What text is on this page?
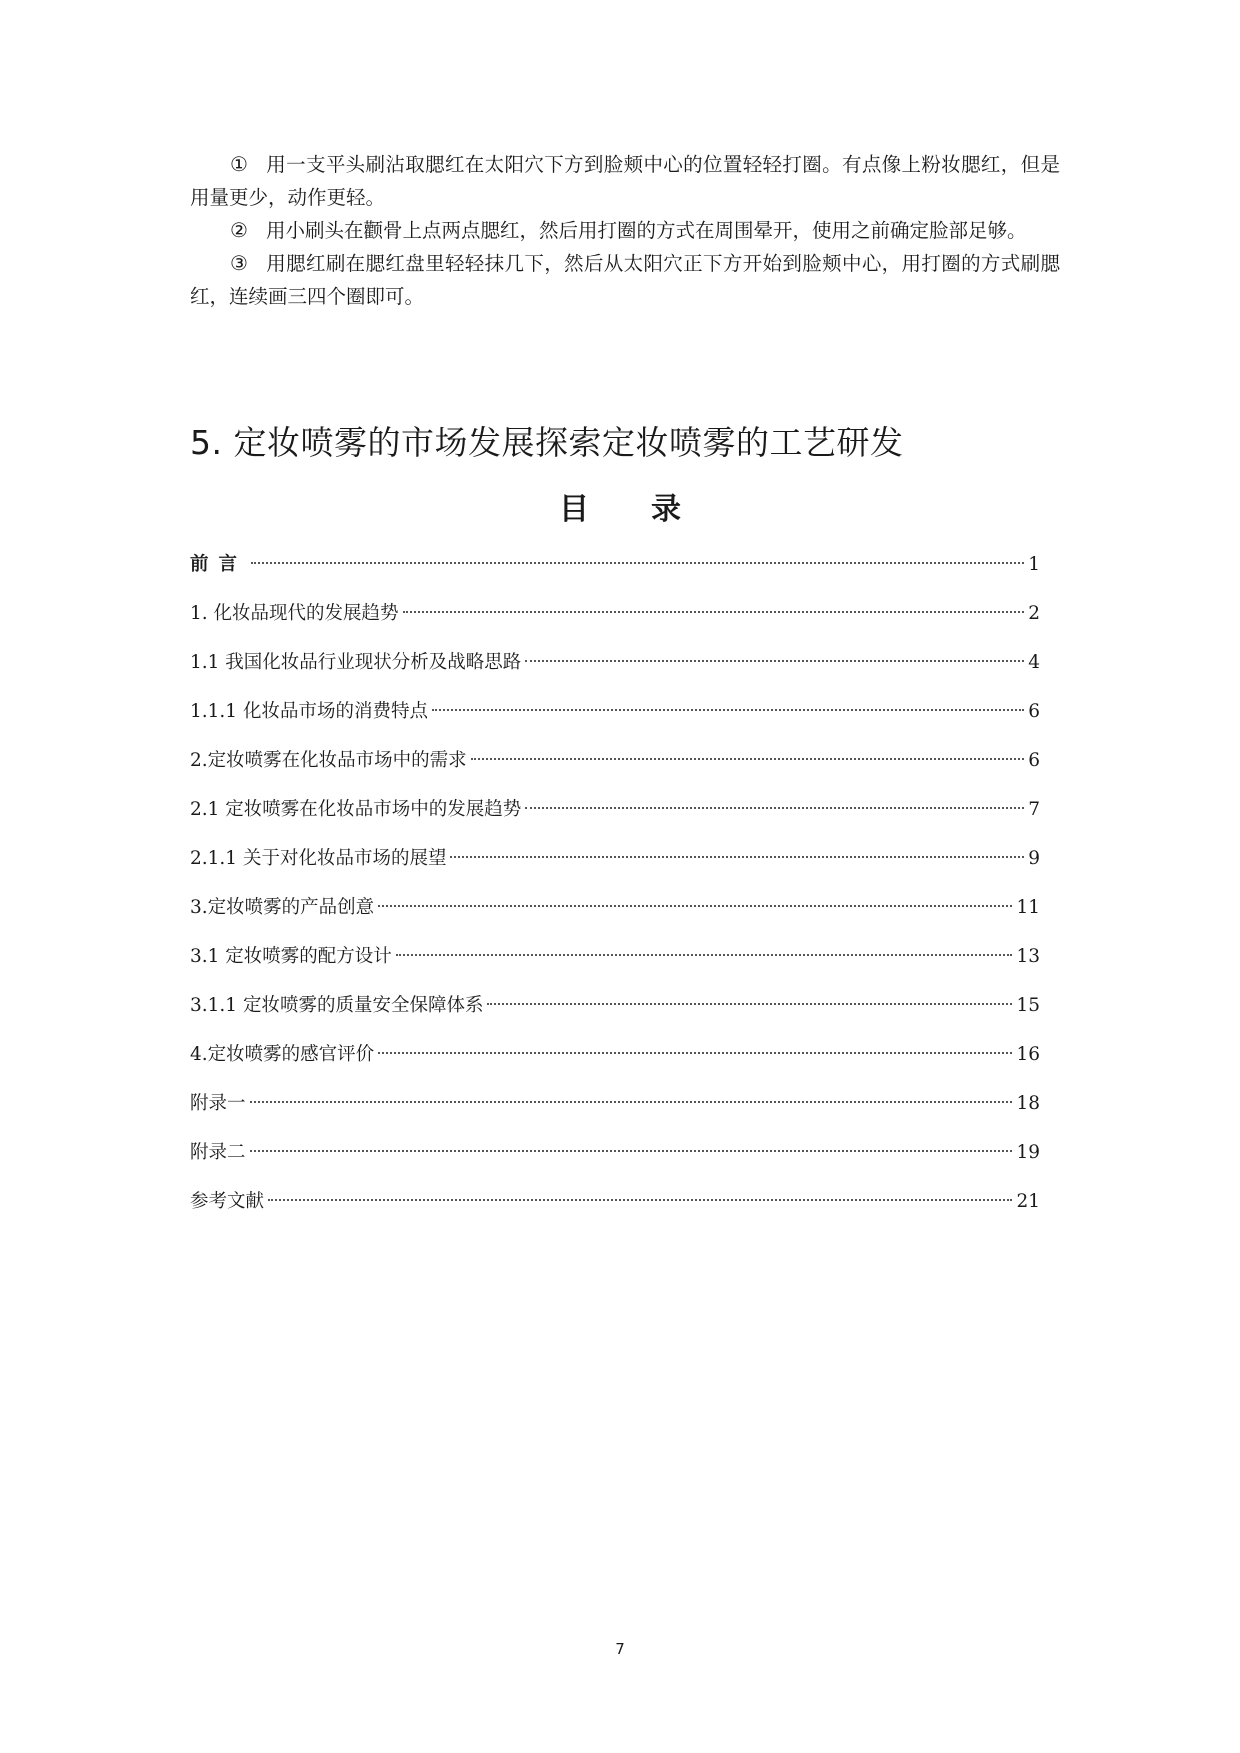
① 用一支平头刷沾取腮红在太阳穴下方到脸颊中心的位置轻轻打圈。有点像上粉妆腮红，但是用量更少，动作更轻。

② 用小刷头在颧骨上点两点腮红，然后用打圈的方式在周围晕开，使用之前确定脸部足够。

③ 用腮红刷在腮红盘里轻轻抹几下，然后从太阳穴正下方开始到脸颊中心，用打圈的方式刷腮红，连续画三四个圈即可。

5. 定妆喷雾的市场发展探索定妆喷雾的工艺研发
目录
前言	1
1. 化妆品现代的发展趋势	2
1.1 我国化妆品行业现状分析及战略思路	4
1.1.1 化妆品市场的消费特点	6
2.定妆喷雾在化妆品市场中的需求	6
2.1 定妆喷雾在化妆品市场中的发展趋势	7
2.1.1 关于对化妆品市场的展望	9
3.定妆喷雾的产品创意	11
3.1 定妆喷雾的配方设计	13
3.1.1 定妆喷雾的质量安全保障体系	15
4.定妆喷雾的感官评价	16
附录一	18
附录二	19
参考文献	21

7
